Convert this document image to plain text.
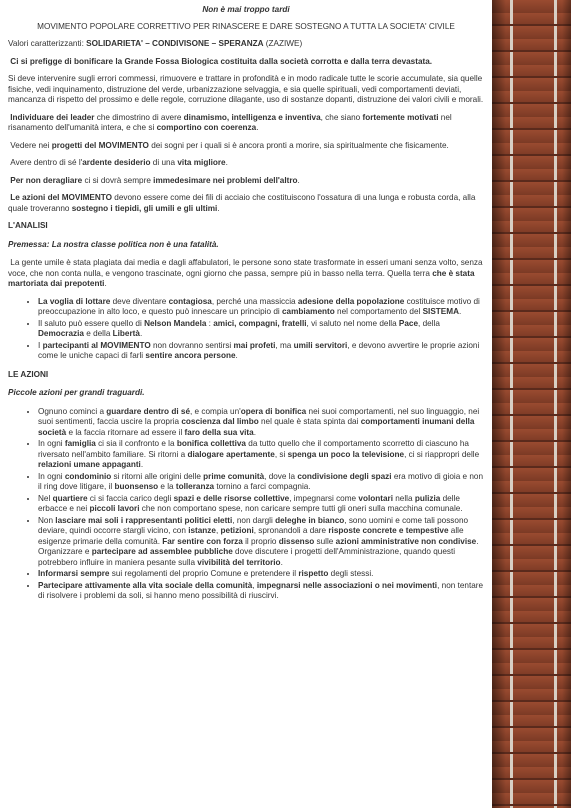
Non è mai troppo tardi

MOVIMENTO POPOLARE CORRETTIVO PER RINASCERE E DARE SOSTEGNO A TUTTA LA SOCIETA' CIVILE

Valori caratterizzanti: SOLIDARIETA' – CONDIVISONE – SPERANZA (ZAZIWE)

Ci si prefigge di bonificare la Grande Fossa Biologica costituita dalla società corrotta e dalla terra devastata.

Si deve intervenire sugli errori commessi, rimuovere e trattare in profondità e in modo radicale tutte le scorie accumulate, sia quelle fisiche, vedi inquinamento, distruzione del verde, urbanizzazione selvaggia, e sia quelle spirituali, vedi comportamenti deviati, mancanza di rispetto del prossimo e delle regole, corruzione dilagante, uso di sostanze dopanti, distruzione dei valori civili e morali.

Individuare dei leader che dimostrino di avere dinamismo, intelligenza e inventiva, che siano fortemente motivati nel risanamento dell'umanità intera, e che si comportino con coerenza.

Vedere nei progetti del MOVIMENTO dei sogni per i quali si è ancora pronti a morire, sia spiritualmente che fisicamente.

Avere dentro di sé l'ardente desiderio di una vita migliore.

Per non deragliare ci si dovrà sempre immedesimare nei problemi dell'altro.

Le azioni del MOVIMENTO devono essere come dei fili di acciaio che costituiscono l'ossatura di una lunga e robusta corda, alla quale troveranno sostegno i tiepidi, gli umili e gli ultimi.

L'ANALISI

Premessa: La nostra classe politica non è una fatalità.

La gente umile è stata plagiata dai media e dagli affabulatori, le persone sono state trasformate in esseri umani senza volto, senza voce, che non conta nulla, e vengono trascinate, ogni giorno che passa, sempre più in basso nella terra. Quella terra che è stata martoriata dai prepotenti.

• La voglia di lottare deve diventare contagiosa, perché una massiccia adesione della popolazione costituisce motivo di preoccupazione in alto loco, e questo può innescare un principio di cambiamento nel comportamento del SISTEMA.
• Il saluto può essere quello di Nelson Mandela : amici, compagni, fratelli, vi saluto nel nome della Pace, della Democrazia e della Libertà.
• I partecipanti al MOVIMENTO non dovranno sentirsi mai profeti, ma umili servitori, e devono avvertire le proprie azioni come le uniche capaci di farli sentire ancora persone.

LE AZIONI

Piccole azioni per grandi traguardi.

• Ognuno cominci a guardare dentro di sé, e compia un'opera di bonifica nei suoi comportamenti, nel suo linguaggio, nei suoi sentimenti, faccia uscire la propria coscienza dal limbo nel quale è stata spinta dai comportamenti inumani della società e la faccia ritornare ad essere il faro della sua vita.
• In ogni famiglia ci sia il confronto e la bonifica collettiva da tutto quello che il comportamento scorretto di ciascuno ha riversato nell'ambito familiare. Si ritorni a dialogare apertamente, si spenga un poco la televisione, ci si riappropri delle relazioni umane appaganti.
• In ogni condominio si ritorni alle origini delle prime comunità, dove la condivisione degli spazi era motivo di gioia e non il ring dove litigare, il buonsenso e la tolleranza tornino a farci compagnia.
• Nel quartiere ci si faccia carico degli spazi e delle risorse collettive, impegnarsi come volontari nella pulizia delle erbacce e nei piccoli lavori che non comportano spese, non caricare sempre tutti gli oneri sulla macchina comunale.
• Non lasciare mai soli i rappresentanti politici eletti, non dargli deleghe in bianco, sono uomini e come tali possono deviare, quindi occorre stargli vicino, con istanze, petizioni, spronandoli a dare risposte concrete e tempestive alle esigenze primarie della comunità. Far sentire con forza il proprio dissenso sulle azioni amministrative non condivise. Organizzare e partecipare ad assemblee pubbliche dove discutere i progetti dell'Amministrazione, quando questi potrebbero influire in maniera pesante sulla vivibilità del territorio.
• Informarsi sempre sui regolamenti del proprio Comune e pretendere il rispetto degli stessi.
• Partecipare attivamente alla vita sociale della comunità, impegnarsi nelle associazioni o nei movimenti, non tentare di risolvere i problemi da soli, si hanno meno possibilità di riuscirvi.
